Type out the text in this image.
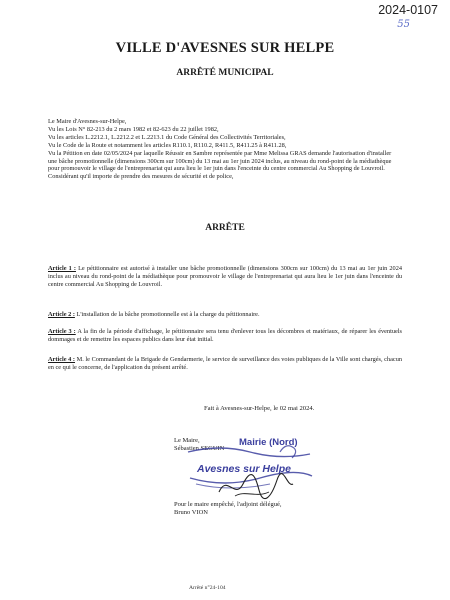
2024-0107
55
VILLE D'AVESNES SUR HELPE
ARRÊTÉ MUNICIPAL

Le Maire d'Avesnes-sur-Helpe,

Vu les Lois N° 82-213 du 2 mars 1982 et 82-623 du 22 juillet 1982,

Vu les articles L.2212.1, L.2212.2 et L.2213.1 du Code Général des Collectivités Territoriales,

Vu le Code de la Route et notamment les articles R110.1, R110.2, R411.5, R411.25 à R411.28,

Vu la Pétition en date 02/05/2024 par laquelle Réussir en Sambre représentée par Mme Melissa GRAS demande l'autorisation d'installer une bâche promotionnelle (dimensions 300cm sur 100cm) du 13 mai au 1er juin 2024 inclus, au niveau du rond-point de la médiathèque pour promouvoir le village de l'entreprenariat qui aura lieu le 1er juin dans l'enceinte du centre commercial Au Shopping de Louvroil.

Considérant qu'il importe de prendre des mesures de sécurité et de police,

ARRÊTE

Article 1 : Le pétitionnaire est autorisé à installer une bâche promotionnelle (dimensions 300cm sur 100cm) du 13 mai au 1er juin 2024 inclus au niveau du rond-point de la médiathèque pour promouvoir le village de l'entreprenariat qui aura lieu le 1er juin dans l'enceinte du centre commercial Au Shopping de Louvroil.

Article 2 : L'installation de la bâche promotionnelle est à la charge du pétitionnaire.

Article 3 : A la fin de la période d'affichage, le pétitionnaire sera tenu d'enlever tous les décombres et matériaux, de réparer les éventuels dommages et de remettre les espaces publics dans leur état initial.

Article 4 : M. le Commandant de la Brigade de Gendarmerie, le service de surveillance des voies publiques de la Ville sont chargés, chacun en ce qui le concerne, de l'application du présent arrêté.

Fait à Avesnes-sur-Helpe, le 02 mai 2024.
Le Maire,
Sébastien SEGUIN
Mairie (Nord)
Avesnes sur Helpe
Pour le maire empêché, l'adjoint délégué,
Bruno VION
Arrêté n°24-104
